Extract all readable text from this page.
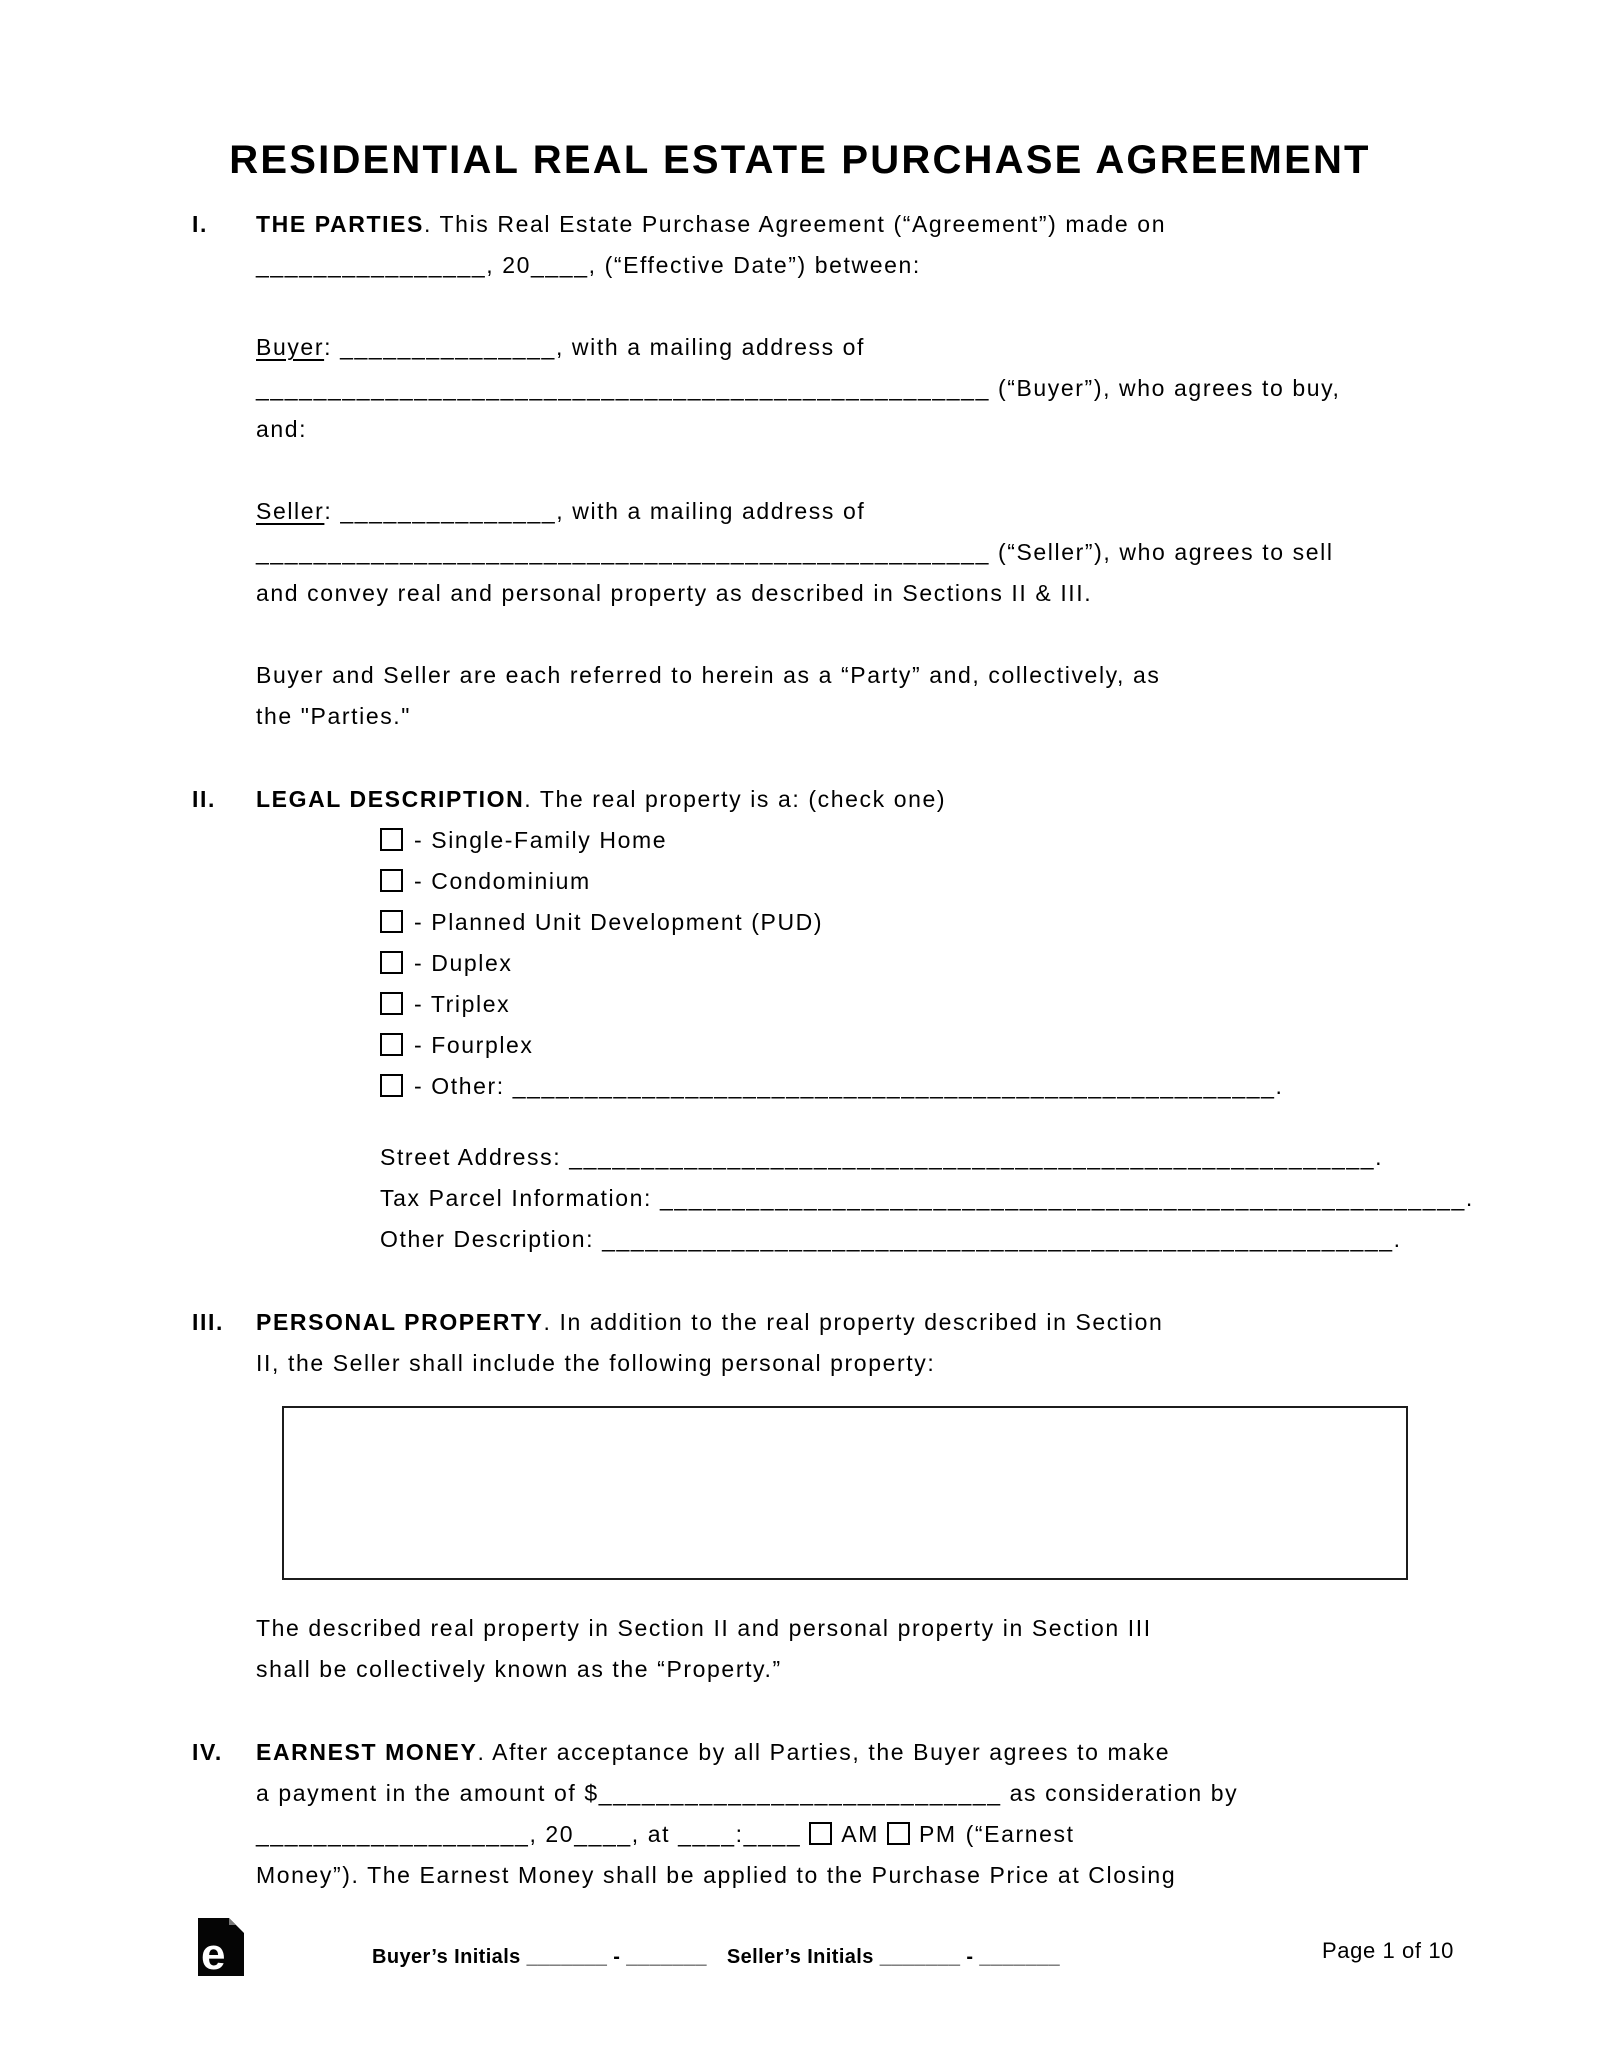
RESIDENTIAL REAL ESTATE PURCHASE AGREEMENT
I.	THE PARTIES. This Real Estate Purchase Agreement (“Agreement”) made on
________________, 20____, (“Effective Date”) between:
Buyer: _______________, with a mailing address of
___________________________________________________ (“Buyer”), who agrees to buy,
and:
Seller: _______________, with a mailing address of
___________________________________________________ (“Seller”), who agrees to sell
and convey real and personal property as described in Sections II & III.
Buyer and Seller are each referred to herein as a “Party” and, collectively, as
the "Parties."
II.	LEGAL DESCRIPTION. The real property is a: (check one)
- Single-Family Home
- Condominium
- Planned Unit Development (PUD)
- Duplex
- Triplex
- Fourplex
- Other: _____________________________________________________.
Street Address: ________________________________________________________.
Tax Parcel Information: ________________________________________________________.
Other Description: _______________________________________________________.
III.	PERSONAL PROPERTY. In addition to the real property described in Section
II, the Seller shall include the following personal property:
The described real property in Section II and personal property in Section III
shall be collectively known as the “Property.”
IV.	EARNEST MONEY. After acceptance by all Parties, the Buyer agrees to make
a payment in the amount of $____________________________ as consideration by
___________________, 20____, at ____:____ AM PM (“Earnest
Money”). The Earnest Money shall be applied to the Purchase Price at Closing
e	Buyer’s Initials _______ - _______ Seller’s Initials _______ - _______	Page 1 of 10
